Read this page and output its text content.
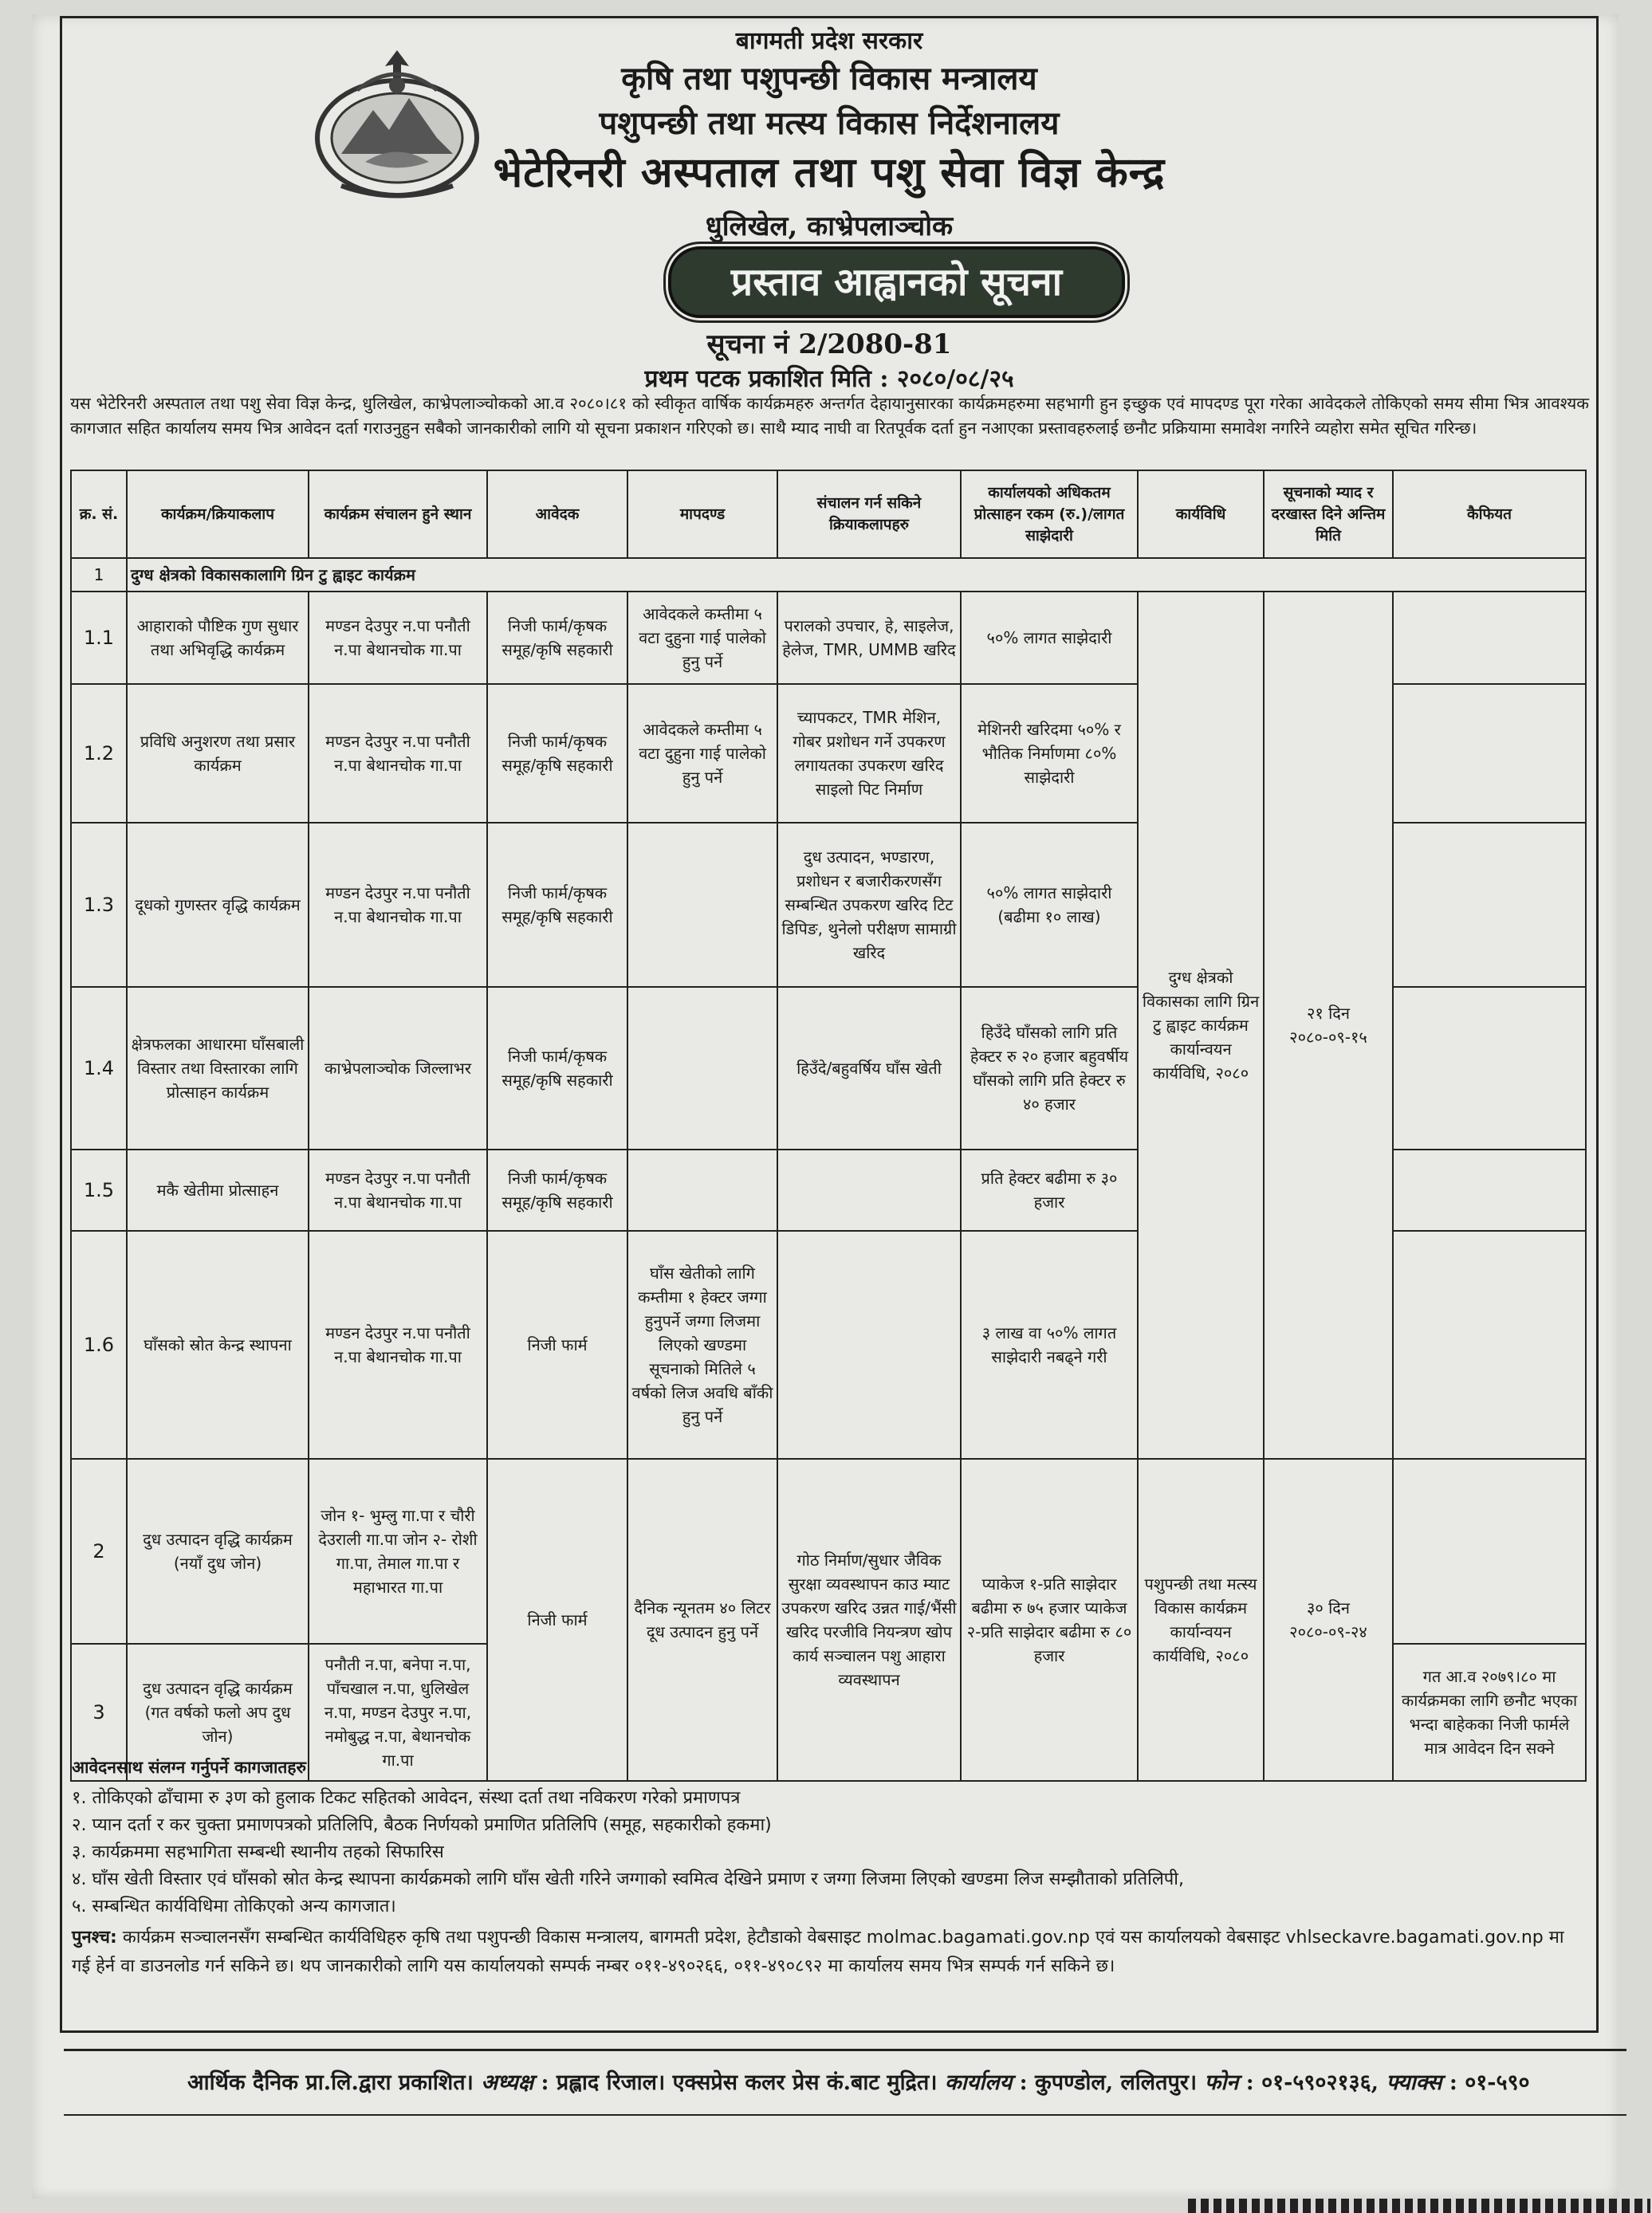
बागमती प्रदेश सरकार
कृषि तथा पशुपन्छी विकास मन्त्रालय
पशुपन्छी तथा मत्स्य विकास निर्देशनालय
भेटेरिनरी अस्पताल तथा पशु सेवा विज्ञ केन्द्र
धुलिखेल, काभ्रेपलाञ्चोक
प्रस्ताव आह्वानको सूचना
सूचना नं 2/2080-81
प्रथम पटक प्रकाशित मिति : २०८०/०८/२५
यस भेटेरिनरी अस्पताल तथा पशु सेवा विज्ञ केन्द्र, धुलिखेल, काभ्रेपलाञ्चोकको आ.व २०८०।८१ को स्वीकृत वार्षिक कार्यक्रमहरु अन्तर्गत देहायानुसारका कार्यक्रमहरुमा सहभागी हुन इच्छुक एवं मापदण्ड पूरा गरेका आवेदकले तोकिएको समय सीमा भित्र आवश्यक कागजात सहित कार्यालय समय भित्र आवेदन दर्ता गराउनुहुन सबैको जानकारीको लागि यो सूचना प्रकाशन गरिएको छ। साथै म्याद नाघी वा रितपूर्वक दर्ता हुन नआएका प्रस्तावहरुलाई छनौट प्रक्रियामा समावेश नगरिने व्यहोरा समेत सूचित गरिन्छ।
क्र. सं.	कार्यक्रम/क्रियाकलाप	कार्यक्रम संचालन हुने स्थान	आवेदक	मापदण्ड	संचालन गर्न सकिने क्रियाकलापहरु	कार्यालयको अधिकतम प्रोत्साहन रकम (रु.)/लागत साझेदारी	कार्यविधि	सूचनाको म्याद र दरखास्त दिने अन्तिम मिति	कैफियत
1	दुग्ध क्षेत्रको विकासकालागि ग्रिन टु ह्वाइट कार्यक्रम								
1.1	आहाराको पौष्टिक गुण सुधार तथा अभिवृद्धि कार्यक्रम	मण्डन देउपुर न.पा पनौती न.पा बेथानचोक गा.पा	निजी फार्म/कृषक समूह/कृषि सहकारी	आवेदकले कम्तीमा ५ वटा दुहुना गाई पालेको हुनु पर्ने	परालको उपचार, हे, साइलेज, हेलेज, TMR, UMMB खरिद	५०% लागत साझेदारी	दुग्ध क्षेत्रको विकासका लागि ग्रिन टु ह्वाइट कार्यक्रम कार्यान्वयन कार्यविधि, २०८०	२१ दिन २०८०-०९-१५	
1.2	प्रविधि अनुशरण तथा प्रसार कार्यक्रम	मण्डन देउपुर न.पा पनौती न.पा बेथानचोक गा.पा	निजी फार्म/कृषक समूह/कृषि सहकारी	आवेदकले कम्तीमा ५ वटा दुहुना गाई पालेको हुनु पर्ने	च्यापकटर, TMR मेशिन, गोबर प्रशोधन गर्ने उपकरण लगायतका उपकरण खरिद साइलो पिट निर्माण	मेशिनरी खरिदमा ५०% र भौतिक निर्माणमा ८०% साझेदारी			
1.3	दूधको गुणस्तर वृद्धि कार्यक्रम	मण्डन देउपुर न.पा पनौती न.पा बेथानचोक गा.पा	निजी फार्म/कृषक समूह/कृषि सहकारी		दुध उत्पादन, भण्डारण, प्रशोधन र बजारीकरणसँग सम्बन्धित उपकरण खरिद टिट डिपिङ, थुनेलो परीक्षण सामाग्री खरिद	५०% लागत साझेदारी (बढीमा १० लाख)			
1.4	क्षेत्रफलका आधारमा घाँसबाली विस्तार तथा विस्तारका लागि प्रोत्साहन कार्यक्रम	काभ्रेपलाञ्चोक जिल्लाभर	निजी फार्म/कृषक समूह/कृषि सहकारी		हिउँदे/बहुवर्षिय घाँस खेती	हिउँदे घाँसको लागि प्रति हेक्टर रु २० हजार बहुवर्षीय घाँसको लागि प्रति हेक्टर रु ४० हजार			
1.5	मकै खेतीमा प्रोत्साहन	मण्डन देउपुर न.पा पनौती न.पा बेथानचोक गा.पा	निजी फार्म/कृषक समूह/कृषि सहकारी			प्रति हेक्टर बढीमा रु ३० हजार			
1.6	घाँसको स्रोत केन्द्र स्थापना	मण्डन देउपुर न.पा पनौती न.पा बेथानचोक गा.पा	निजी फार्म	घाँस खेतीको लागि कम्तीमा १ हेक्टर जग्गा हुनुपर्ने जग्गा लिजमा लिएको खण्डमा सूचनाको मितिले ५ वर्षको लिज अवधि बाँकी हुनु पर्ने		३ लाख वा ५०% लागत साझेदारी नबढ्ने गरी			
2	दुध उत्पादन वृद्धि कार्यक्रम (नयाँ दुध जोन)	जोन १- भुम्लु गा.पा र चौरी देउराली गा.पा जोन २- रोशी गा.पा, तेमाल गा.पा र महाभारत गा.पा	निजी फार्म	दैनिक न्यूनतम ४० लिटर दूध उत्पादन हुनु पर्ने	गोठ निर्माण/सुधार जैविक सुरक्षा व्यवस्थापन काउ म्याट उपकरण खरिद उन्नत गाई/भैंसी खरिद परजीवि नियन्त्रण खोप कार्य सञ्चालन पशु आहारा व्यवस्थापन	प्याकेज १-प्रति साझेदार बढीमा रु ७५ हजार प्याकेज २-प्रति साझेदार बढीमा रु ८० हजार	पशुपन्छी तथा मत्स्य विकास कार्यक्रम कार्यान्वयन कार्यविधि, २०८०	३० दिन २०८०-०९-२४	
3	दुध उत्पादन वृद्धि कार्यक्रम (गत वर्षको फलो अप दुध जोन)	पनौती न.पा, बनेपा न.पा, पाँचखाल न.पा, धुलिखेल न.पा, मण्डन देउपुर न.पा, नमोबुद्ध न.पा, बेथानचोक गा.पा							गत आ.व २०७९।८० मा कार्यक्रमका लागि छनौट भएका भन्दा बाहेकका निजी फार्मले मात्र आवेदन दिन सक्ने
आवेदनसाथ संलग्न गर्नुपर्ने कागजातहरु
१. तोकिएको ढाँचामा रु ३ण को हुलाक टिकट सहितको आवेदन, संस्था दर्ता तथा नविकरण गरेको प्रमाणपत्र
२. प्यान दर्ता र कर चुक्ता प्रमाणपत्रको प्रतिलिपि, बैठक निर्णयको प्रमाणित प्रतिलिपि (समूह, सहकारीको हकमा)
३. कार्यक्रममा सहभागिता सम्बन्धी स्थानीय तहको सिफारिस
४. घाँस खेती विस्तार एवं घाँसको स्रोत केन्द्र स्थापना कार्यक्रमको लागि घाँस खेती गरिने जग्गाको स्वमित्व देखिने प्रमाण र जग्गा लिजमा लिएको खण्डमा लिज सम्झौताको प्रतिलिपी,
५. सम्बन्धित कार्यविधिमा तोकिएको अन्य कागजात।
पुनश्च: कार्यक्रम सञ्चालनसँग सम्बन्धित कार्यविधिहरु कृषि तथा पशुपन्छी विकास मन्त्रालय, बागमती प्रदेश, हेटौडाको वेबसाइट molmac.bagamati.gov.np एवं यस कार्यालयको वेबसाइट vhlseckavre.bagamati.gov.np मा गई हेर्न वा डाउनलोड गर्न सकिने छ। थप जानकारीको लागि यस कार्यालयको सम्पर्क नम्बर ०११-४९०२६६, ०११-४९०८९२ मा कार्यालय समय भित्र सम्पर्क गर्न सकिने छ।
आर्थिक दैनिक प्रा.लि.द्वारा प्रकाशित। अध्यक्ष : प्रह्लाद रिजाल। एक्सप्रेस कलर प्रेस कं.बाट मुद्रित। कार्यालय : कुपण्डोल, ललितपुर। फोन : ०१-५९०२१३६, फ्याक्स : ०१-५९०
